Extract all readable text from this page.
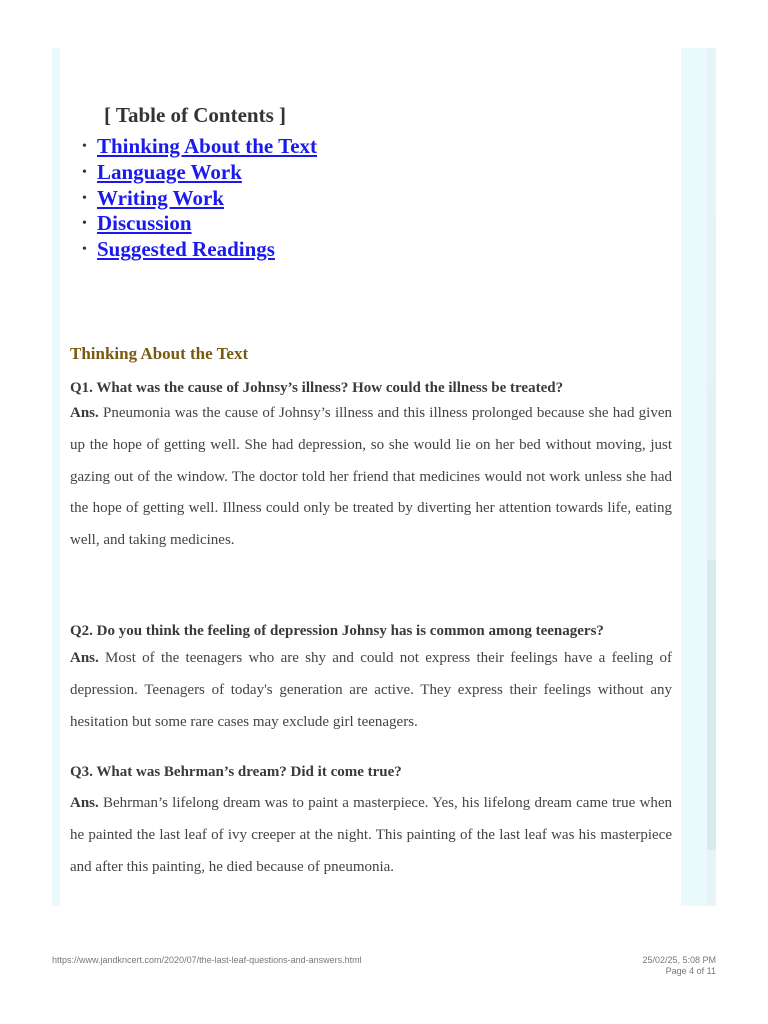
[ Table of Contents ]
• Thinking About the Text
• Language Work
• Writing Work
• Discussion
• Suggested Readings
Thinking About the Text

Q1. What was the cause of Johnsy’s illness? How could the illness be treated?

Ans. Pneumonia was the cause of Johnsy’s illness and this illness prolonged because she had given up the hope of getting well. She had depression, so she would lie on her bed without moving, just gazing out of the window. The doctor told her friend that medicines would not work unless she had the hope of getting well. Illness could only be treated by diverting her attention towards life, eating well, and taking medicines.

Q2. Do you think the feeling of depression Johnsy has is common among teenagers?

Ans. Most of the teenagers who are shy and could not express their feelings have a feeling of depression. Teenagers of today's generation are active. They express their feelings without any hesitation but some rare cases may exclude girl teenagers.

Q3. What was Behrman’s dream? Did it come true?

Ans. Behrman’s lifelong dream was to paint a masterpiece. Yes, his lifelong dream came true when he painted the last leaf of ivy creeper at the night. This painting of the last leaf was his masterpiece and after this painting, he died because of pneumonia.

https://www.jandkncert.com/2020/07/the-last-leaf-questions-and-answers.html	25/02/25, 5:08 PM
Page 4 of 11
